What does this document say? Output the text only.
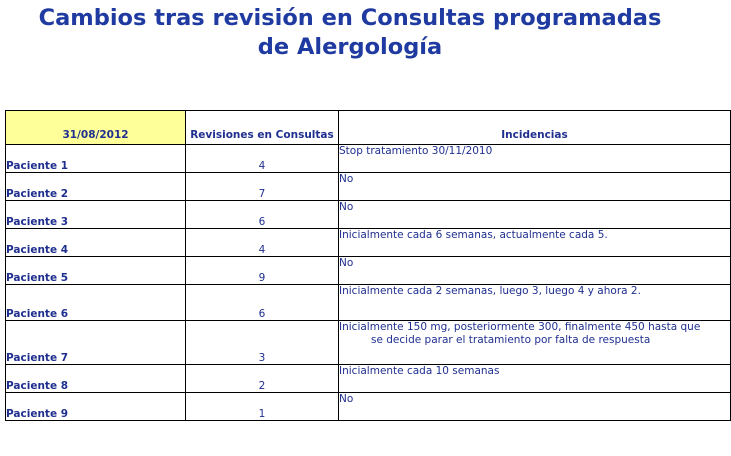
Cambios tras revisión en Consultas programadas
de Alergología
31/08/2012	Revisiones en Consultas	Incidencias
Paciente 1	4	Stop tratamiento 30/11/2010
Paciente 2	7	No
Paciente 3	6	No
Paciente 4	4	Inicialmente cada 6 semanas, actualmente cada 5.
Paciente 5	9	No
Paciente 6	6	Inicialmente cada 2 semanas, luego 3, luego 4 y ahora 2.
Paciente 7	3	Inicialmente 150 mg, posteriormente 300, finalmente 450 hasta que
se decide parar el tratamiento por falta de respuesta

Paciente 8	2	Inicialmente cada 10 semanas
Paciente 9	1	No
